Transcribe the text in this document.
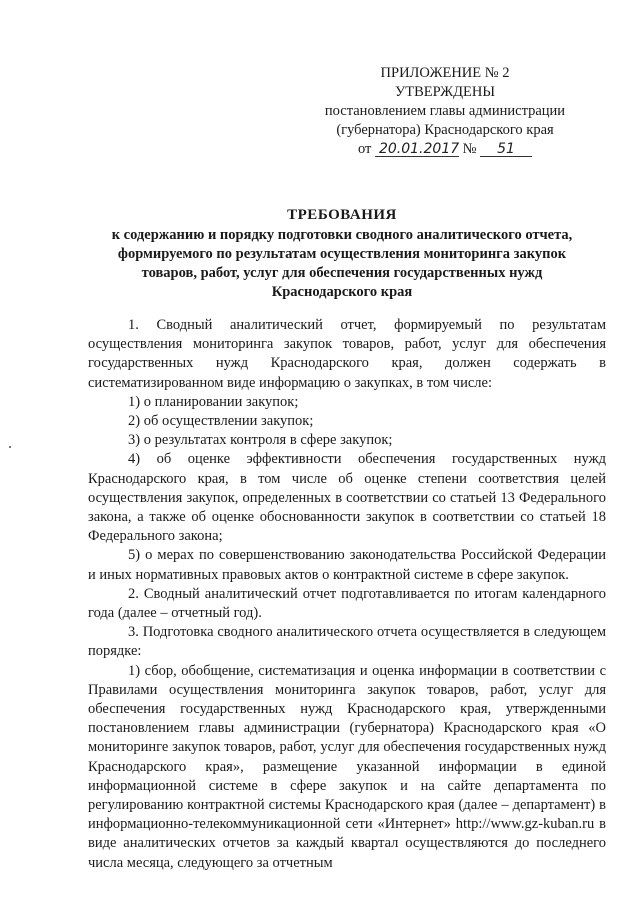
ПРИЛОЖЕНИЕ № 2
УТВЕРЖДЕНЫ
постановлением главы администрации
(губернатора) Краснодарского края
от 20.01.2017 № 51
ТРЕБОВАНИЯ
к содержанию и порядку подготовки сводного аналитического отчета, формируемого по результатам осуществления мониторинга закупок товаров, работ, услуг для обеспечения государственных нужд Краснодарского края

1. Сводный аналитический отчет, формируемый по результатам осуществления мониторинга закупок товаров, работ, услуг для обеспечения государственных нужд Краснодарского края, должен содержать в систематизированном виде информацию о закупках, в том числе:

1) о планировании закупок;

2) об осуществлении закупок;

3) о результатах контроля в сфере закупок;

4) об оценке эффективности обеспечения государственных нужд Краснодарского края, в том числе об оценке степени соответствия целей осуществления закупок, определенных в соответствии со статьей 13 Федерального закона, а также об оценке обоснованности закупок в соответствии со статьей 18 Федерального закона;

5) о мерах по совершенствованию законодательства Российской Федерации и иных нормативных правовых актов о контрактной системе в сфере закупок.

2. Сводный аналитический отчет подготавливается по итогам календарного года (далее – отчетный год).

3. Подготовка сводного аналитического отчета осуществляется в следующем порядке:

1) сбор, обобщение, систематизация и оценка информации в соответствии с Правилами осуществления мониторинга закупок товаров, работ, услуг для обеспечения государственных нужд Краснодарского края, утвержденными постановлением главы администрации (губернатора) Краснодарского края «О мониторинге закупок товаров, работ, услуг для обеспечения государственных нужд Краснодарского края», размещение указанной информации в единой информационной системе в сфере закупок и на сайте департамента по регулированию контрактной системы Краснодарского края (далее – департамент) в информационно-телекоммуникационной сети «Интернет» http://www.gz-kuban.ru в виде аналитических отчетов за каждый квартал осуществляются до последнего числа месяца, следующего за отчетным
